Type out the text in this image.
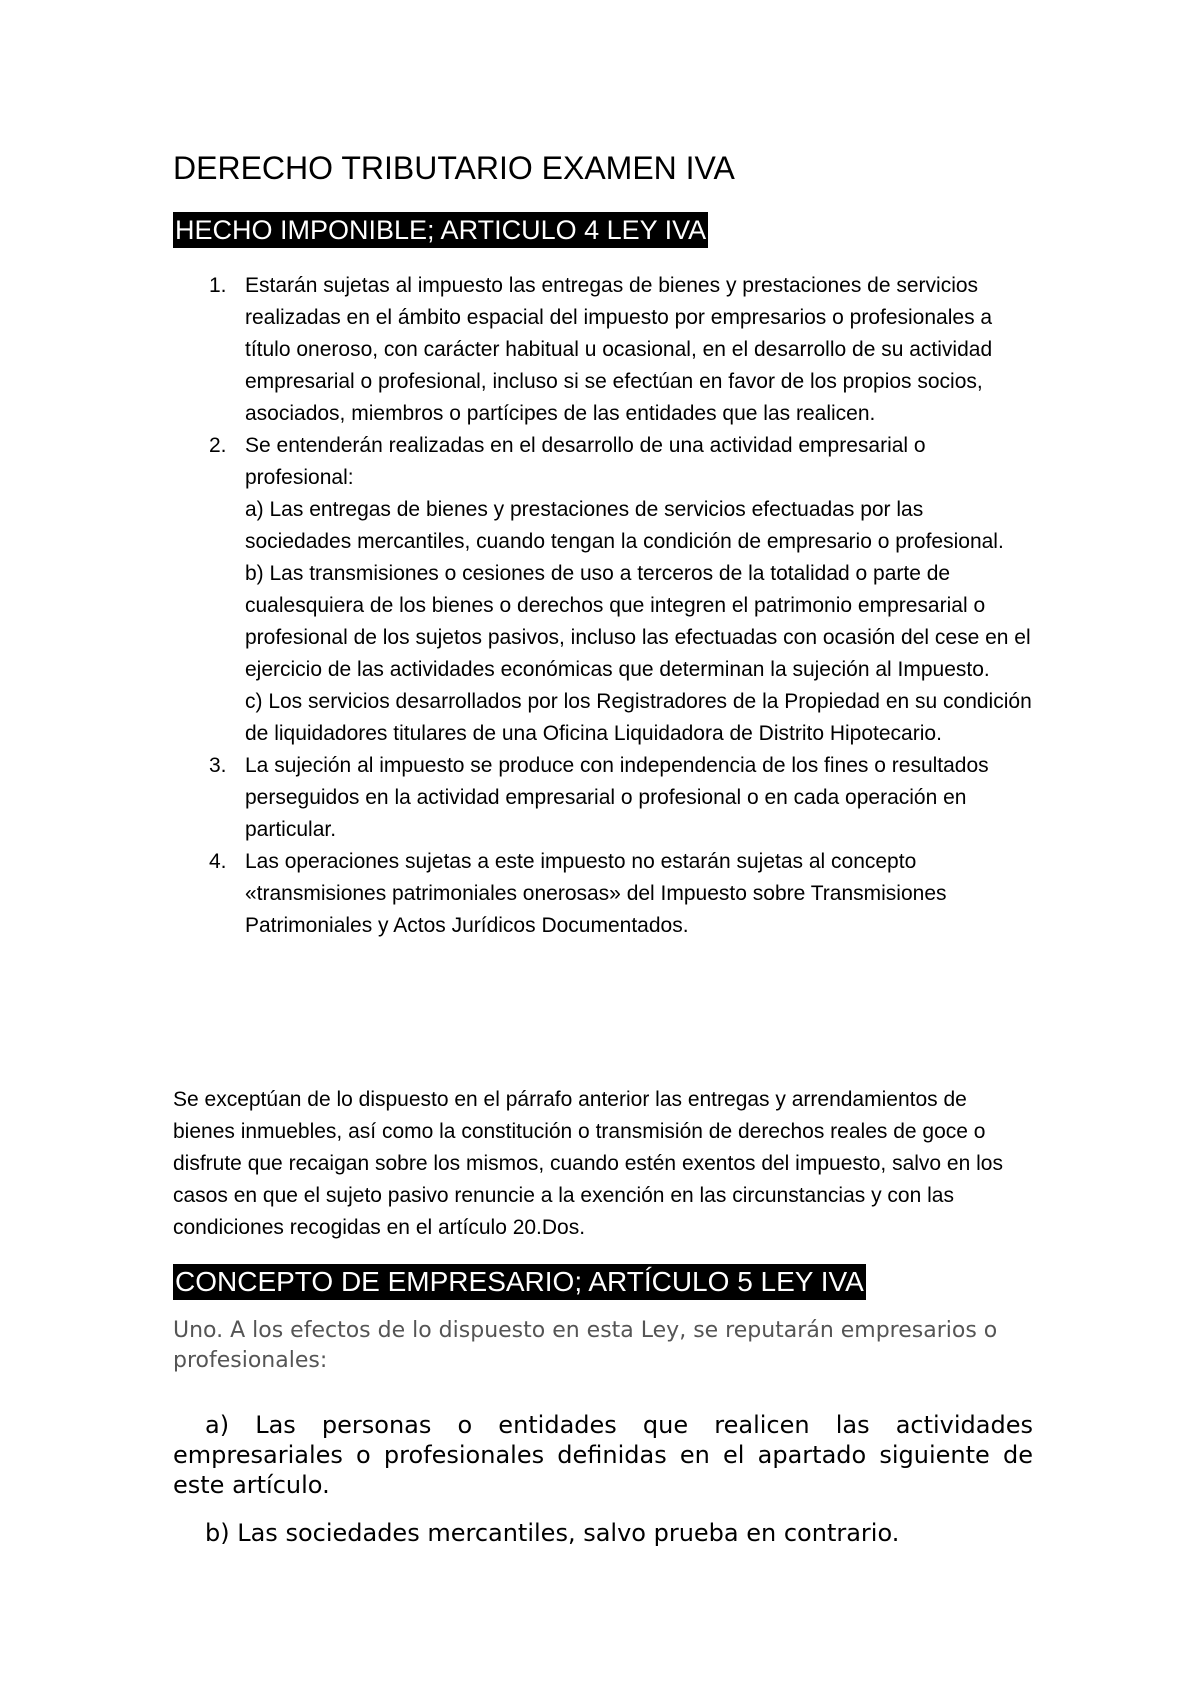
DERECHO TRIBUTARIO EXAMEN IVA
HECHO IMPONIBLE; ARTICULO 4 LEY IVA
1. Estarán sujetas al impuesto las entregas de bienes y prestaciones de servicios realizadas en el ámbito espacial del impuesto por empresarios o profesionales a título oneroso, con carácter habitual u ocasional, en el desarrollo de su actividad empresarial o profesional, incluso si se efectúan en favor de los propios socios, asociados, miembros o partícipes de las entidades que las realicen.
2. Se entenderán realizadas en el desarrollo de una actividad empresarial o profesional:
a) Las entregas de bienes y prestaciones de servicios efectuadas por las sociedades mercantiles, cuando tengan la condición de empresario o profesional.
b) Las transmisiones o cesiones de uso a terceros de la totalidad o parte de cualesquiera de los bienes o derechos que integren el patrimonio empresarial o profesional de los sujetos pasivos, incluso las efectuadas con ocasión del cese en el ejercicio de las actividades económicas que determinan la sujeción al Impuesto.
c) Los servicios desarrollados por los Registradores de la Propiedad en su condición de liquidadores titulares de una Oficina Liquidadora de Distrito Hipotecario.
3. La sujeción al impuesto se produce con independencia de los fines o resultados perseguidos en la actividad empresarial o profesional o en cada operación en particular.
4. Las operaciones sujetas a este impuesto no estarán sujetas al concepto «transmisiones patrimoniales onerosas» del Impuesto sobre Transmisiones Patrimoniales y Actos Jurídicos Documentados.

Se exceptúan de lo dispuesto en el párrafo anterior las entregas y arrendamientos de bienes inmuebles, así como la constitución o transmisión de derechos reales de goce o disfrute que recaigan sobre los mismos, cuando estén exentos del impuesto, salvo en los casos en que el sujeto pasivo renuncie a la exención en las circunstancias y con las condiciones recogidas en el artículo 20.Dos.

CONCEPTO DE EMPRESARIO; ARTÍCULO 5 LEY IVA

Uno. A los efectos de lo dispuesto en esta Ley, se reputarán empresarios o profesionales:

a) Las personas o entidades que realicen las actividades empresariales o profesionales definidas en el apartado siguiente de este artículo.

b) Las sociedades mercantiles, salvo prueba en contrario.
